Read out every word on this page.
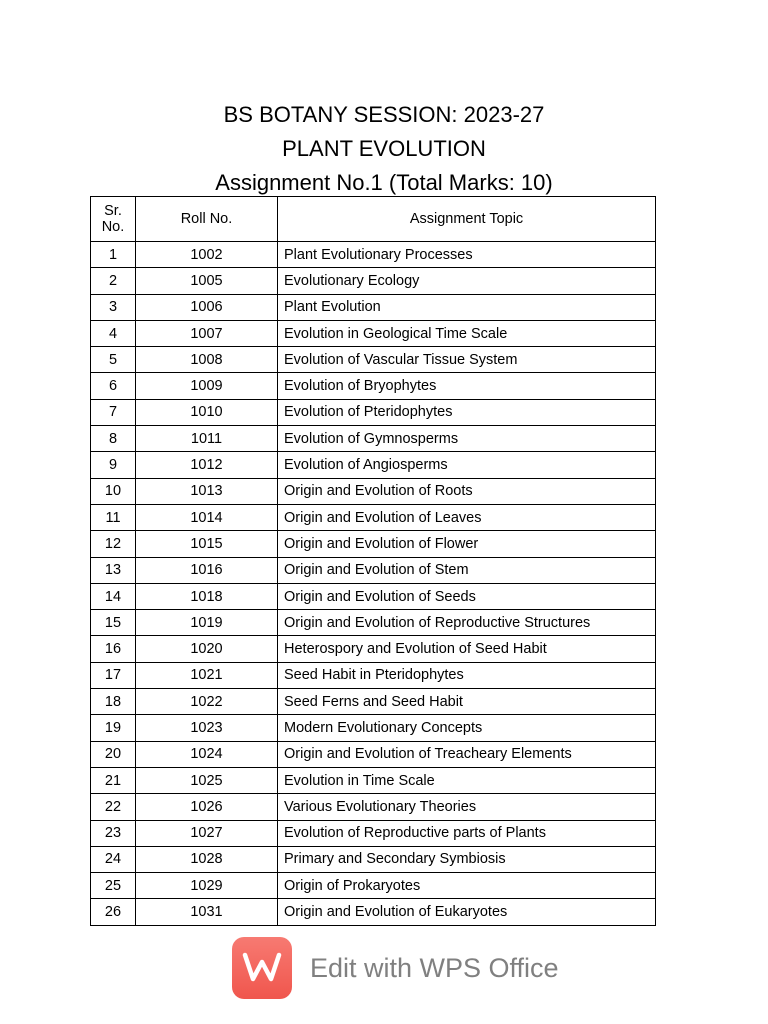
BS BOTANY SESSION: 2023-27
PLANT EVOLUTION
Assignment No.1 (Total Marks: 10)
Sr.
No.	Roll No.	Assignment Topic
1	1002	Plant Evolutionary Processes
2	1005	Evolutionary Ecology
3	1006	Plant Evolution
4	1007	Evolution in Geological Time Scale
5	1008	Evolution of Vascular Tissue System
6	1009	Evolution of Bryophytes
7	1010	Evolution of Pteridophytes
8	1011	Evolution of Gymnosperms
9	1012	Evolution of Angiosperms
10	1013	Origin and Evolution of Roots
11	1014	Origin and Evolution of Leaves
12	1015	Origin and Evolution of Flower
13	1016	Origin and Evolution of Stem
14	1018	Origin and Evolution of Seeds
15	1019	Origin and Evolution of Reproductive Structures
16	1020	Heterospory and Evolution of Seed Habit
17	1021	Seed Habit in Pteridophytes
18	1022	Seed Ferns and Seed Habit
19	1023	Modern Evolutionary Concepts
20	1024	Origin and Evolution of Treacheary Elements
21	1025	Evolution in Time Scale
22	1026	Various Evolutionary Theories
23	1027	Evolution of Reproductive parts of Plants
24	1028	Primary and Secondary Symbiosis
25	1029	Origin of Prokaryotes
26	1031	Origin and Evolution of Eukaryotes
Edit with WPS Office
